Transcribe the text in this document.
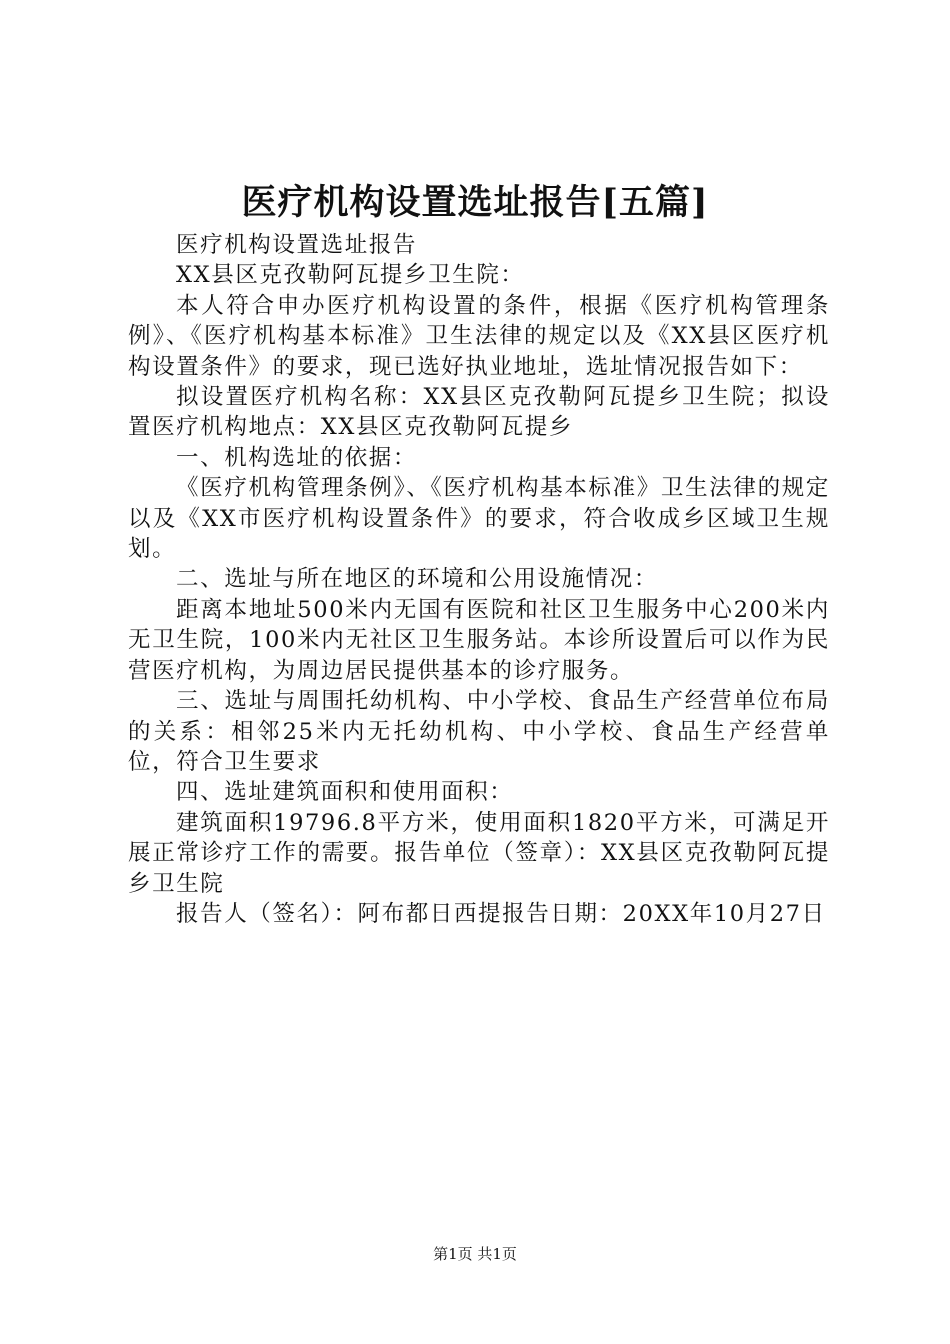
医疗机构设置选址报告[五篇]

医疗机构设置选址报告

XX县区克孜勒阿瓦提乡卫生院：

本人符合申办医疗机构设置的条件，根据《医疗机构管理条例》、《医疗机构基本标准》卫生法律的规定以及《XX县区医疗机构设置条件》的要求，现已选好执业地址，选址情况报告如下：

拟设置医疗机构名称：XX县区克孜勒阿瓦提乡卫生院；拟设置医疗机构地点：XX县区克孜勒阿瓦提乡

一、机构选址的依据：

《医疗机构管理条例》、《医疗机构基本标准》卫生法律的规定以及《XX市医疗机构设置条件》的要求，符合收成乡区域卫生规划。

二、选址与所在地区的环境和公用设施情况：

距离本地址500米内无国有医院和社区卫生服务中心200米内无卫生院，100米内无社区卫生服务站。本诊所设置后可以作为民营医疗机构，为周边居民提供基本的诊疗服务。

三、选址与周围托幼机构、中小学校、食品生产经营单位布局的关系：相邻25米内无托幼机构、中小学校、食品生产经营单位，符合卫生要求

四、选址建筑面积和使用面积：

建筑面积19796.8平方米，使用面积1820平方米，可满足开展正常诊疗工作的需要。报告单位（签章）：XX县区克孜勒阿瓦提乡卫生院

报告人（签名）：阿布都日西提报告日期：20XX年10月27日

第1页 共1页
